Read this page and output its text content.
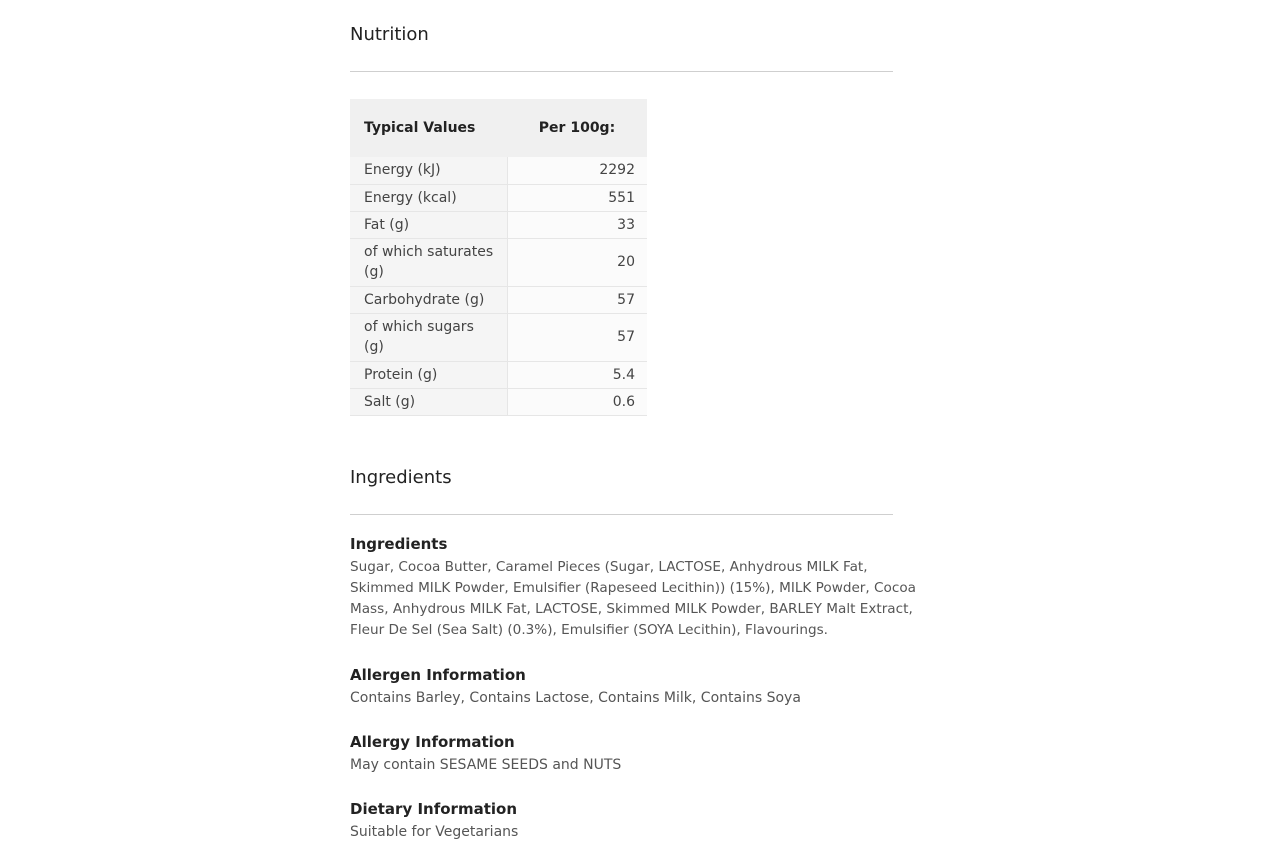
Nutrition
Typical Values	Per 100g:
Energy (kJ)	2292
Energy (kcal)	551
Fat (g)	33
of which saturates (g)	20
Carbohydrate (g)	57
of which sugars (g)	57
Protein (g)	5.4
Salt (g)	0.6
Ingredients
Ingredients

Sugar, Cocoa Butter, Caramel Pieces (Sugar, LACTOSE, Anhydrous MILK Fat, Skimmed MILK Powder, Emulsifier (Rapeseed Lecithin)) (15%), MILK Powder, Cocoa Mass, Anhydrous MILK Fat, LACTOSE, Skimmed MILK Powder, BARLEY Malt Extract, Fleur De Sel (Sea Salt) (0.3%), Emulsifier (SOYA Lecithin), Flavourings.

Allergen Information

Contains Barley, Contains Lactose, Contains Milk, Contains Soya

Allergy Information

May contain SESAME SEEDS and NUTS

Dietary Information

Suitable for Vegetarians
